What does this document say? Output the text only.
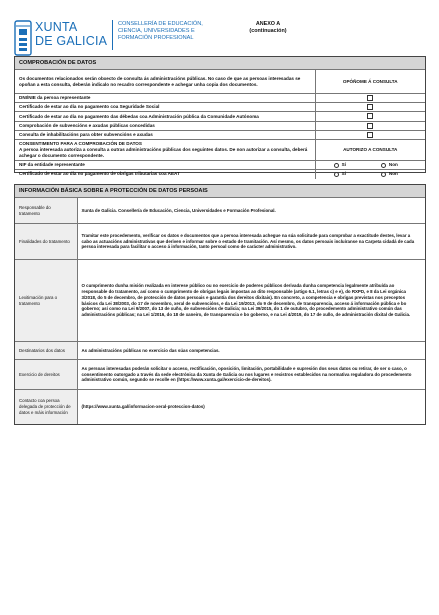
XUNTA
DE GALICIA
CONSELLERÍA DE EDUCACIÓN,
CIENCIA, UNIVERSIDADES E
FORMACIÓN PROFESIONAL
ANEXO A
(continuación)
COMPROBACIÓN DE DATOS
Os documentos relacionados serán obxecto de consulta ás administracións públicas. No caso de que as persoas interesadas se opoñan a esta consulta, deberán indicalo no recadro correspondente e achegar unha copia dos documentos.	OPÓÑOME Á CONSULTA
DNI/NIE da persoa representante	
Certificado de estar ao día no pagamento coa Seguridade Social	
Certificado de estar ao día no pagamento das débedas coa Administración pública da Comunidade Autónoma	
Comprobación de subvencións e axudas públicas concedidas	
Consulta de inhabilitacións para obter subvencións e axudas	

CONSENTIMENTO PARA A COMPROBACIÓN DE DATOS
A persoa interesada autoriza a consulta a outras administracións públicas dos seguintes datos. De non autorizar a consulta, deberá achegar o documento correspondente.	AUTORIZO A CONSULTA
NIF da entidade representante	Sí Non
Certificado de estar ao día no pagamento de obrigas tributarias coa AEAT	Sí Non
INFORMACIÓN BÁSICA SOBRE A PROTECCIÓN DE DATOS PERSOAIS
Responsable do tratamento	Xunta de Galicia. Consellería de Educación, Ciencia, Universidades e Formación Profesional.
Finalidades do tratamento	Tramitar este procedemento, verificar os datos e documentos que a persoa interesada achegue na súa solicitude para comprobar a exactitude destes, levar a cabo as actuacións administrativas que deriven e informar sobre o estado de tramitación. Así mesmo, os datos persoais incluíranse na Carpeta cidadá de cada persoa interesada para facilitar o acceso á información, tanto persoal como de carácter administrativo.
Lexitimación para o tratamento	O cumprimento dunha misión realizada en interese público ou no exercicio de poderes públicos derivada dunha competencia legalmente atribuída ao responsable do tratamento, así como o cumprimento de obrigas legais impostas ao dito responsable (artigo 6.1, letras c) e e), do RXPD, e 8 da Lei orgánica 3/2018, do 5 de decembro, de protección de datos persoais e garantía dos dereitos dixitais). En concreto, a competencia e obrigas previstas nos preceptos básicos da Lei 38/2003, do 17 de novembro, xeral de subvencións, e da Lei 19/2013, do 9 de decembro, de transparencia, acceso á información pública e bo goberno; así como na Lei 9/2007, do 13 de xuño, de subvencións de Galicia; na Lei 39/2015, do 1 de outubro, do procedemento administrativo común das administracións públicas; na Lei 1/2016, do 18 de xaneiro, de transparencia e bo goberno, e na Lei 4/2019, do 17 de xullo, de administración dixital de Galicia.
Destinatarios dos datos	As administracións públicas no exercicio das súas competencias.
Exercicio de dereitos	As persoas interesadas poderán solicitar o acceso, rectificación, oposición, limitación, portabilidade e supresión dos seus datos ou retirar, de ser o caso, o consentimento outorgado a través da sede electrónica da Xunta de Galicia ou nos lugares e rexistros establecidos na normativa reguladora do procedemento administrativo común, segundo se recolle en (https://www.xunta.gal/exercicio-de-dereitos).
Contacto coa persoa delegada de protección de datos e máis información	(https://www.xunta.gal/informacion-xeral-proteccion-datos)
